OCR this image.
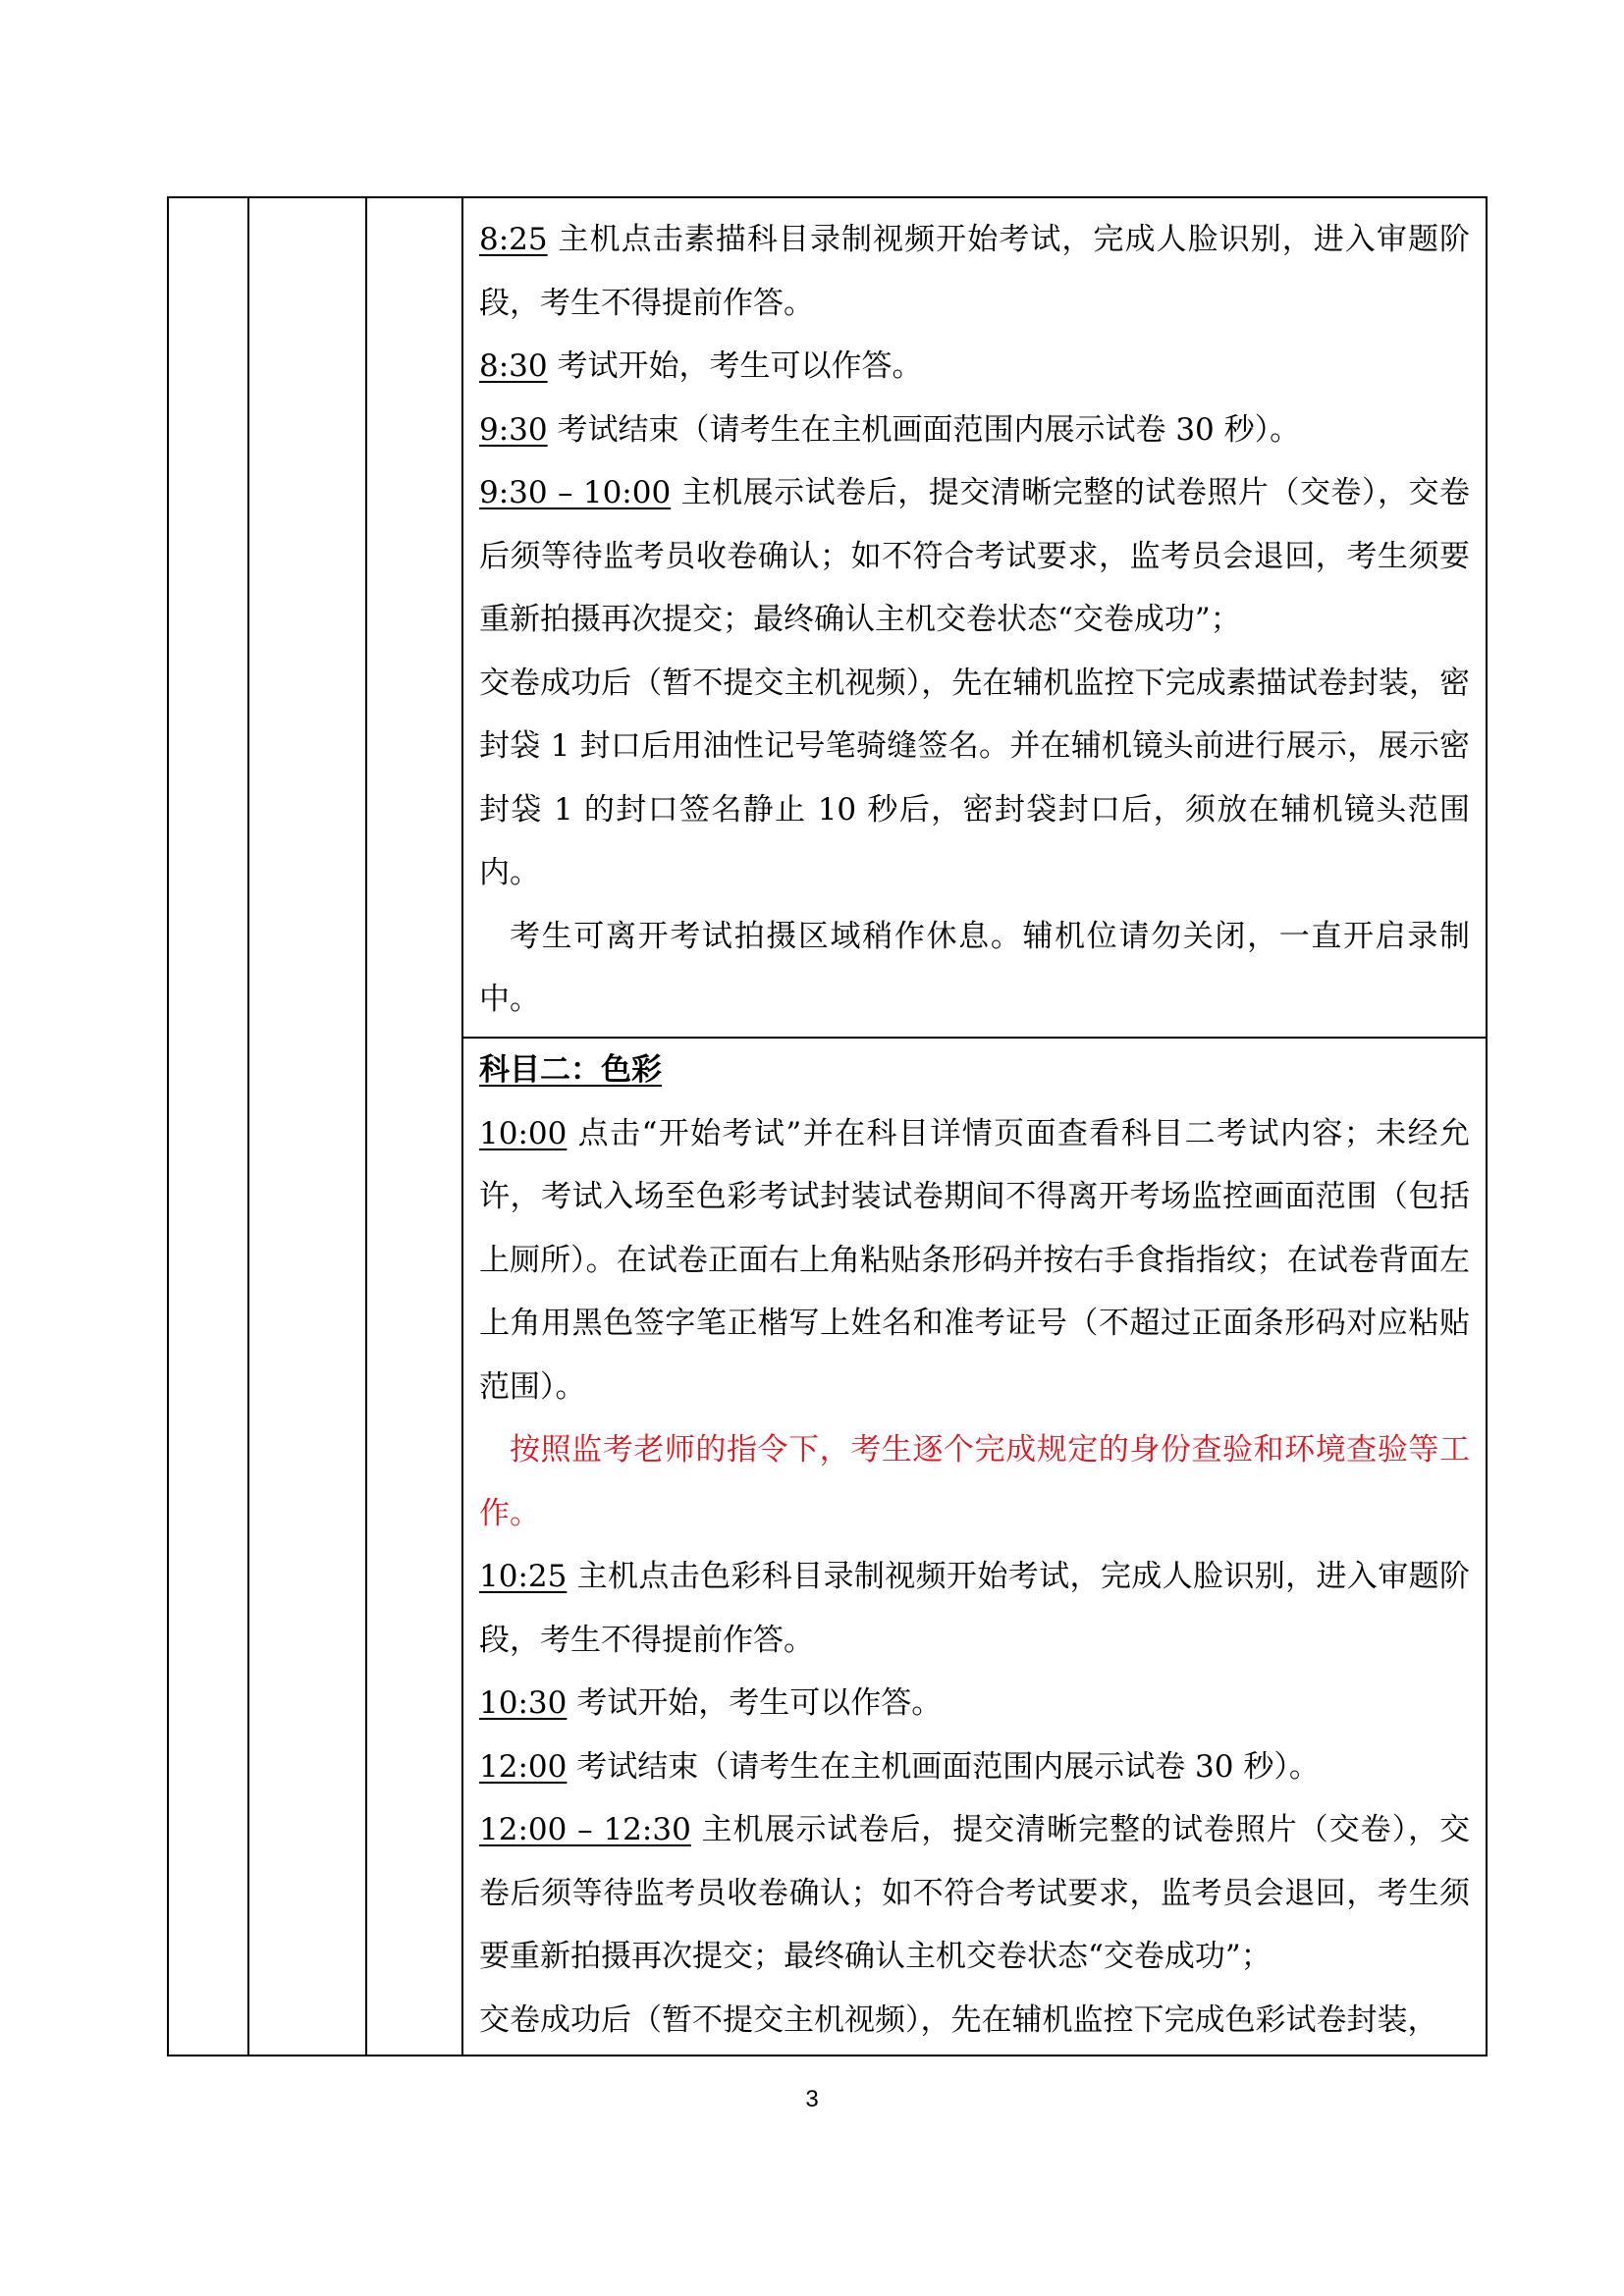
8:25 主机点击素描科目录制视频开始考试，完成人脸识别，进入审题阶段，考生不得提前作答。

8:30 考试开始，考生可以作答。

9:30 考试结束（请考生在主机画面范围内展示试卷 30 秒）。

9:30 – 10:00 主机展示试卷后，提交清晰完整的试卷照片（交卷），交卷后须等待监考员收卷确认；如不符合考试要求，监考员会退回，考生须要重新拍摄再次提交；最终确认主机交卷状态“交卷成功”；

交卷成功后（暂不提交主机视频），先在辅机监控下完成素描试卷封装，密封袋 1 封口后用油性记号笔骑缝签名。并在辅机镜头前进行展示，展示密封袋 1 的封口签名静止 10 秒后，密封袋封口后，须放在辅机镜头范围内。

考生可离开考试拍摄区域稍作休息。辅机位请勿关闭，一直开启录制中。

科目二：色彩

10:00 点击“开始考试”并在科目详情页面查看科目二考试内容；未经允许，考试入场至色彩考试封装试卷期间不得离开考场监控画面范围（包括上厕所）。在试卷正面右上角粘贴条形码并按右手食指指纹；在试卷背面左上角用黑色签字笔正楷写上姓名和准考证号（不超过正面条形码对应粘贴范围）。

按照监考老师的指令下，考生逐个完成规定的身份查验和环境查验等工作。

10:25 主机点击色彩科目录制视频开始考试，完成人脸识别，进入审题阶段，考生不得提前作答。

10:30 考试开始，考生可以作答。

12:00 考试结束（请考生在主机画面范围内展示试卷 30 秒）。

12:00 – 12:30 主机展示试卷后，提交清晰完整的试卷照片（交卷），交卷后须等待监考员收卷确认；如不符合考试要求，监考员会退回，考生须要重新拍摄再次提交；最终确认主机交卷状态“交卷成功”；

交卷成功后（暂不提交主机视频），先在辅机监控下完成色彩试卷封装，

3
